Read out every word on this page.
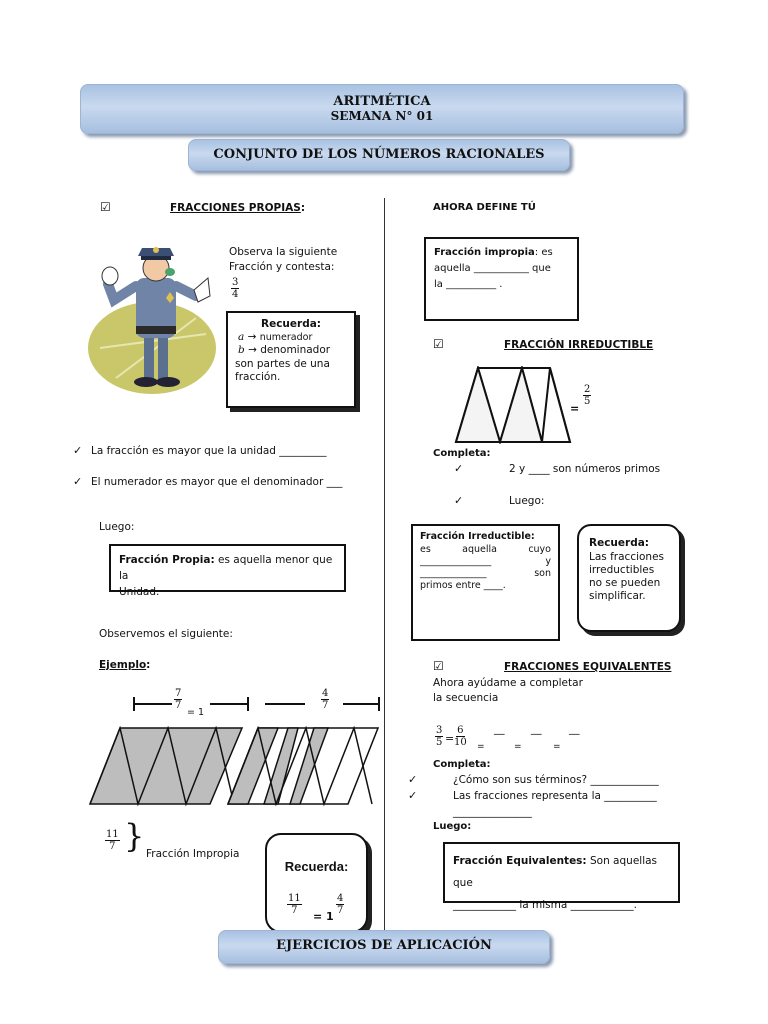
ARITMÉTICA
SEMANA N° 01
CONJUNTO DE LOS NÚMEROS RACIONALES
☑	FRACCIONES PROPIAS:
Observa la siguiente
Fracción y contesta:
$\frac{3}{4}$
Recuerda:
a → numerador
b → denominador
son partes de una
fracción.
✓ La fracción es mayor que la unidad _________
✓ El numerador es mayor que el denominador ___
Luego:
Fracción Propia: es aquella menor que la
Unidad.
Observemos el siguiente:
Ejemplo:
$\frac{7}{7}$
= 1
$\frac{4}{7}$
$\frac{11}{7}$ } Fracción Impropia
Recuerda:
$\frac{11}{7}$
= 1
$\frac{4}{7}$
AHORA DEFINE TÚ
Fracción impropia: es
aquella ___________ que
la __________ .
☑	FRACCIÓN IRREDUCTIBLE
=
$\frac{2}{5}$
Completa:
✓	2 y ____ son números primos
✓	Luego:
Fracción Irreductible:
es	aquella	cuyo
_______________	y
______________	son
primos entre ____.
Recuerda:
Las fracciones
irreductibles
no se pueden
simplificar.
☑	FRACCIONES EQUIVALENTES
Ahora ayúdame a completar
la secuencia
$\frac{3}{5} = \frac{6}{10}$	__	__	__
=	=	=
Completa:
✓	¿Cómo son sus términos? _____________
✓	Las fracciones representa la __________
_______________
Luego:
Fracción Equivalentes: Son aquellas que
____________ la misma ____________.
EJERCICIOS DE APLICACIÓN
